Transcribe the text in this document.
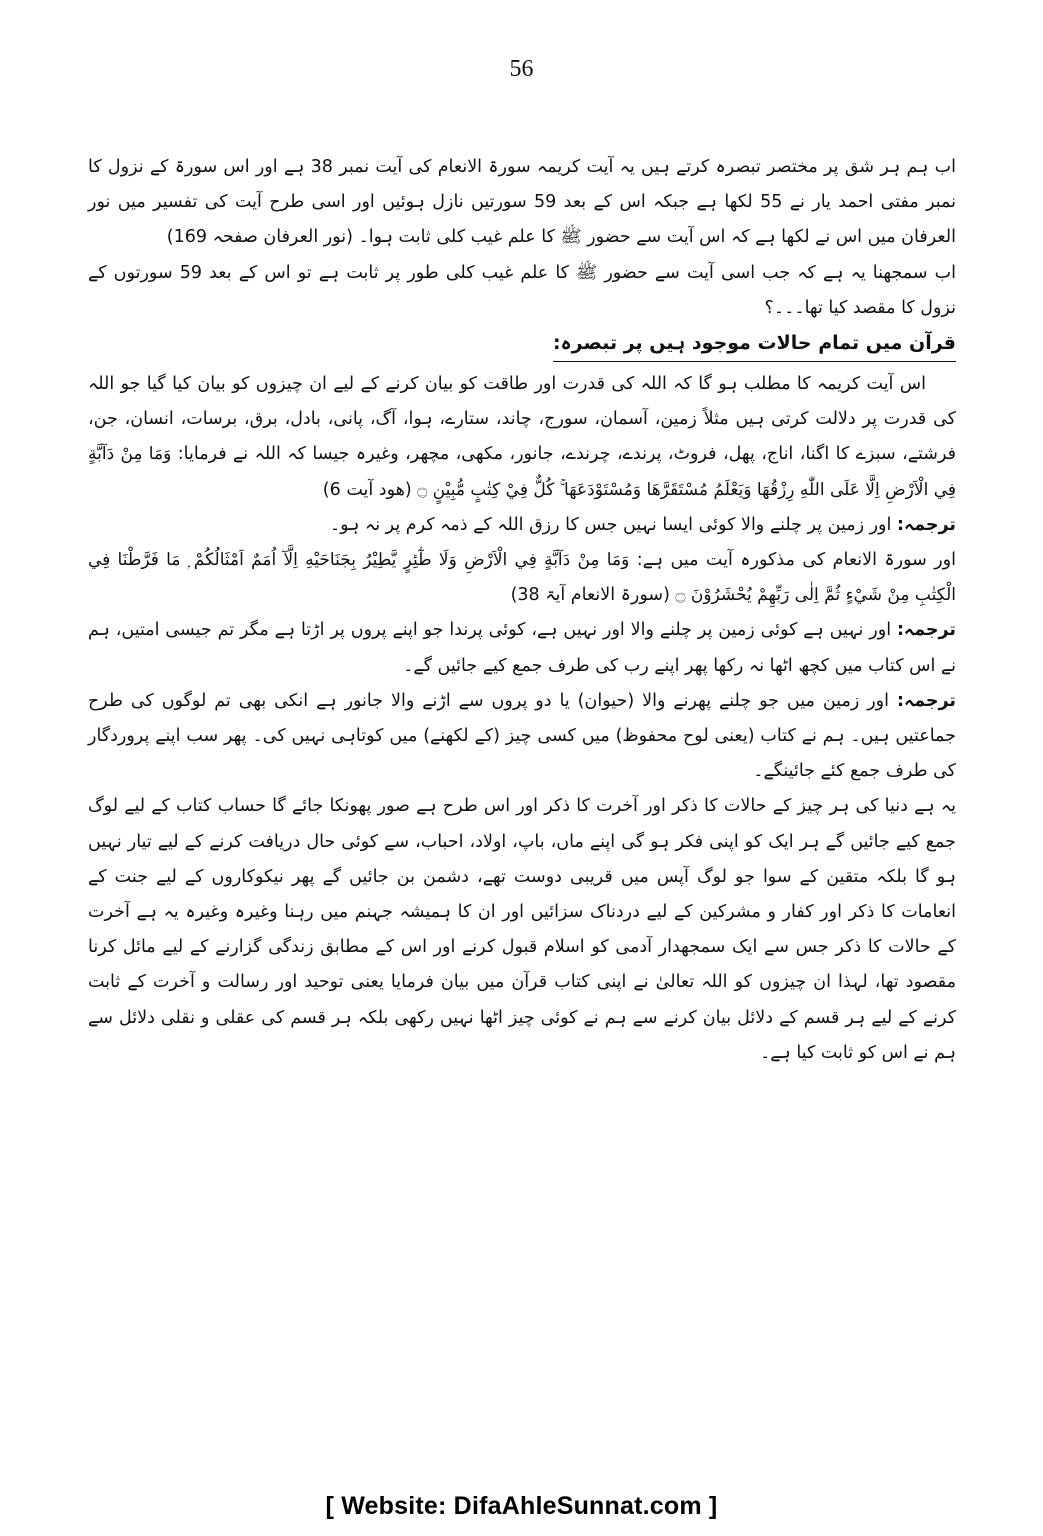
56

اب ہم ہر شق پر مختصر تبصرہ کرتے ہیں یہ آیت کریمہ سورۃ الانعام کی آیت نمبر 38 ہے اور اس سورۃ کے نزول کا نمبر مفتی احمد یار نے 55 لکھا ہے جبکہ اس کے بعد 59 سورتیں نازل ہوئیں اور اسی طرح آیت کی تفسیر میں نور العرفان میں اس نے لکھا ہے کہ اس آیت سے حضور ﷺ کا علم غیب کلی ثابت ہوا۔ (نور العرفان صفحہ 169)

اب سمجھنا یہ ہے کہ جب اسی آیت سے حضور ﷺ کا علم غیب کلی طور پر ثابت ہے تو اس کے بعد 59 سورتوں کے نزول کا مقصد کیا تھا۔۔۔؟

قرآن میں تمام حالات موجود ہیں پر تبصرہ:

اس آیت کریمہ کا مطلب ہو گا کہ اللہ کی قدرت اور طاقت کو بیان کرنے کے لیے ان چیزوں کو بیان کیا گیا جو اللہ کی قدرت پر دلالت کرتی ہیں مثلاً زمین، آسمان، سورج، چاند، ستارے، ہوا، آگ، پانی، بادل، برق، برسات، انسان، جن، فرشتے، سبزے کا اگنا، اناج، پھل، فروٹ، پرندے، چرندے، جانور، مکھی، مچھر، وغیرہ جیسا کہ اللہ نے فرمایا: وَمَا مِنْ دَآبَّةٍ فِي الْاَرْضِ اِلَّا عَلَى اللّٰهِ رِزْقُهَا وَيَعْلَمُ مُسْتَقَرَّهَا وَمُسْتَوْدَعَهَا ۚ كُلٌّ فِيْ كِتٰبٍ مُّبِيْنٍ ۝ (ھود آیت 6)

ترجمہ: اور زمین پر چلنے والا کوئی ایسا نہیں جس کا رزق اللہ کے ذمہ کرم پر نہ ہو۔

اور سورۃ الانعام کی مذکورہ آیت میں ہے: وَمَا مِنْ دَآبَّةٍ فِي الْاَرْضِ وَلَا طٰٓئِرٍ يَّطِيْرُ بِجَنَاحَيْهِ اِلَّآ اُمَمٌ اَمْثَالُكُمْ ۭ مَا فَرَّطْنَا فِي الْكِتٰبِ مِنْ شَيْءٍ ثُمَّ اِلٰى رَبِّهِمْ يُحْشَرُوْنَ ۝ (سورۃ الانعام آیۃ 38)

ترجمہ: اور نہیں ہے کوئی زمین پر چلنے والا اور نہیں ہے، کوئی پرندا جو اپنے پروں پر اڑتا ہے مگر تم جیسی امتیں، ہم نے اس کتاب میں کچھ اٹھا نہ رکھا پھر اپنے رب کی طرف جمع کیے جائیں گے۔

ترجمہ: اور زمین میں جو چلنے پھرنے والا (حیوان) یا دو پروں سے اڑنے والا جانور ہے انکی بھی تم لوگوں کی طرح جماعتیں ہیں۔ ہم نے کتاب (یعنی لوح محفوظ) میں کسی چیز (کے لکھنے) میں کوتاہی نہیں کی۔ پھر سب اپنے پروردگار کی طرف جمع کئے جائینگے۔

یہ ہے دنیا کی ہر چیز کے حالات کا ذکر اور آخرت کا ذکر اور اس طرح ہے صور پھونکا جائے گا حساب کتاب کے لیے لوگ جمع کیے جائیں گے ہر ایک کو اپنی فکر ہو گی اپنے ماں، باپ، اولاد، احباب، سے کوئی حال دریافت کرنے کے لیے تیار نہیں ہو گا بلکہ متقین کے سوا جو لوگ آپس میں قریبی دوست تھے، دشمن بن جائیں گے پھر نیکوکاروں کے لیے جنت کے انعامات کا ذکر اور کفار و مشرکین کے لیے دردناک سزائیں اور ان کا ہمیشہ جہنم میں رہنا وغیرہ وغیرہ یہ ہے آخرت کے حالات کا ذکر جس سے ایک سمجھدار آدمی کو اسلام قبول کرنے اور اس کے مطابق زندگی گزارنے کے لیے مائل کرنا مقصود تھا، لہذا ان چیزوں کو اللہ تعالیٰ نے اپنی کتاب قرآن میں بیان فرمایا یعنی توحید اور رسالت و آخرت کے ثابت کرنے کے لیے ہر قسم کے دلائل بیان کرنے سے ہم نے کوئی چیز اٹھا نہیں رکھی بلکہ ہر قسم کی عقلی و نقلی دلائل سے ہم نے اس کو ثابت کیا ہے۔

[ Website: DifaAhleSunnat.com ]
